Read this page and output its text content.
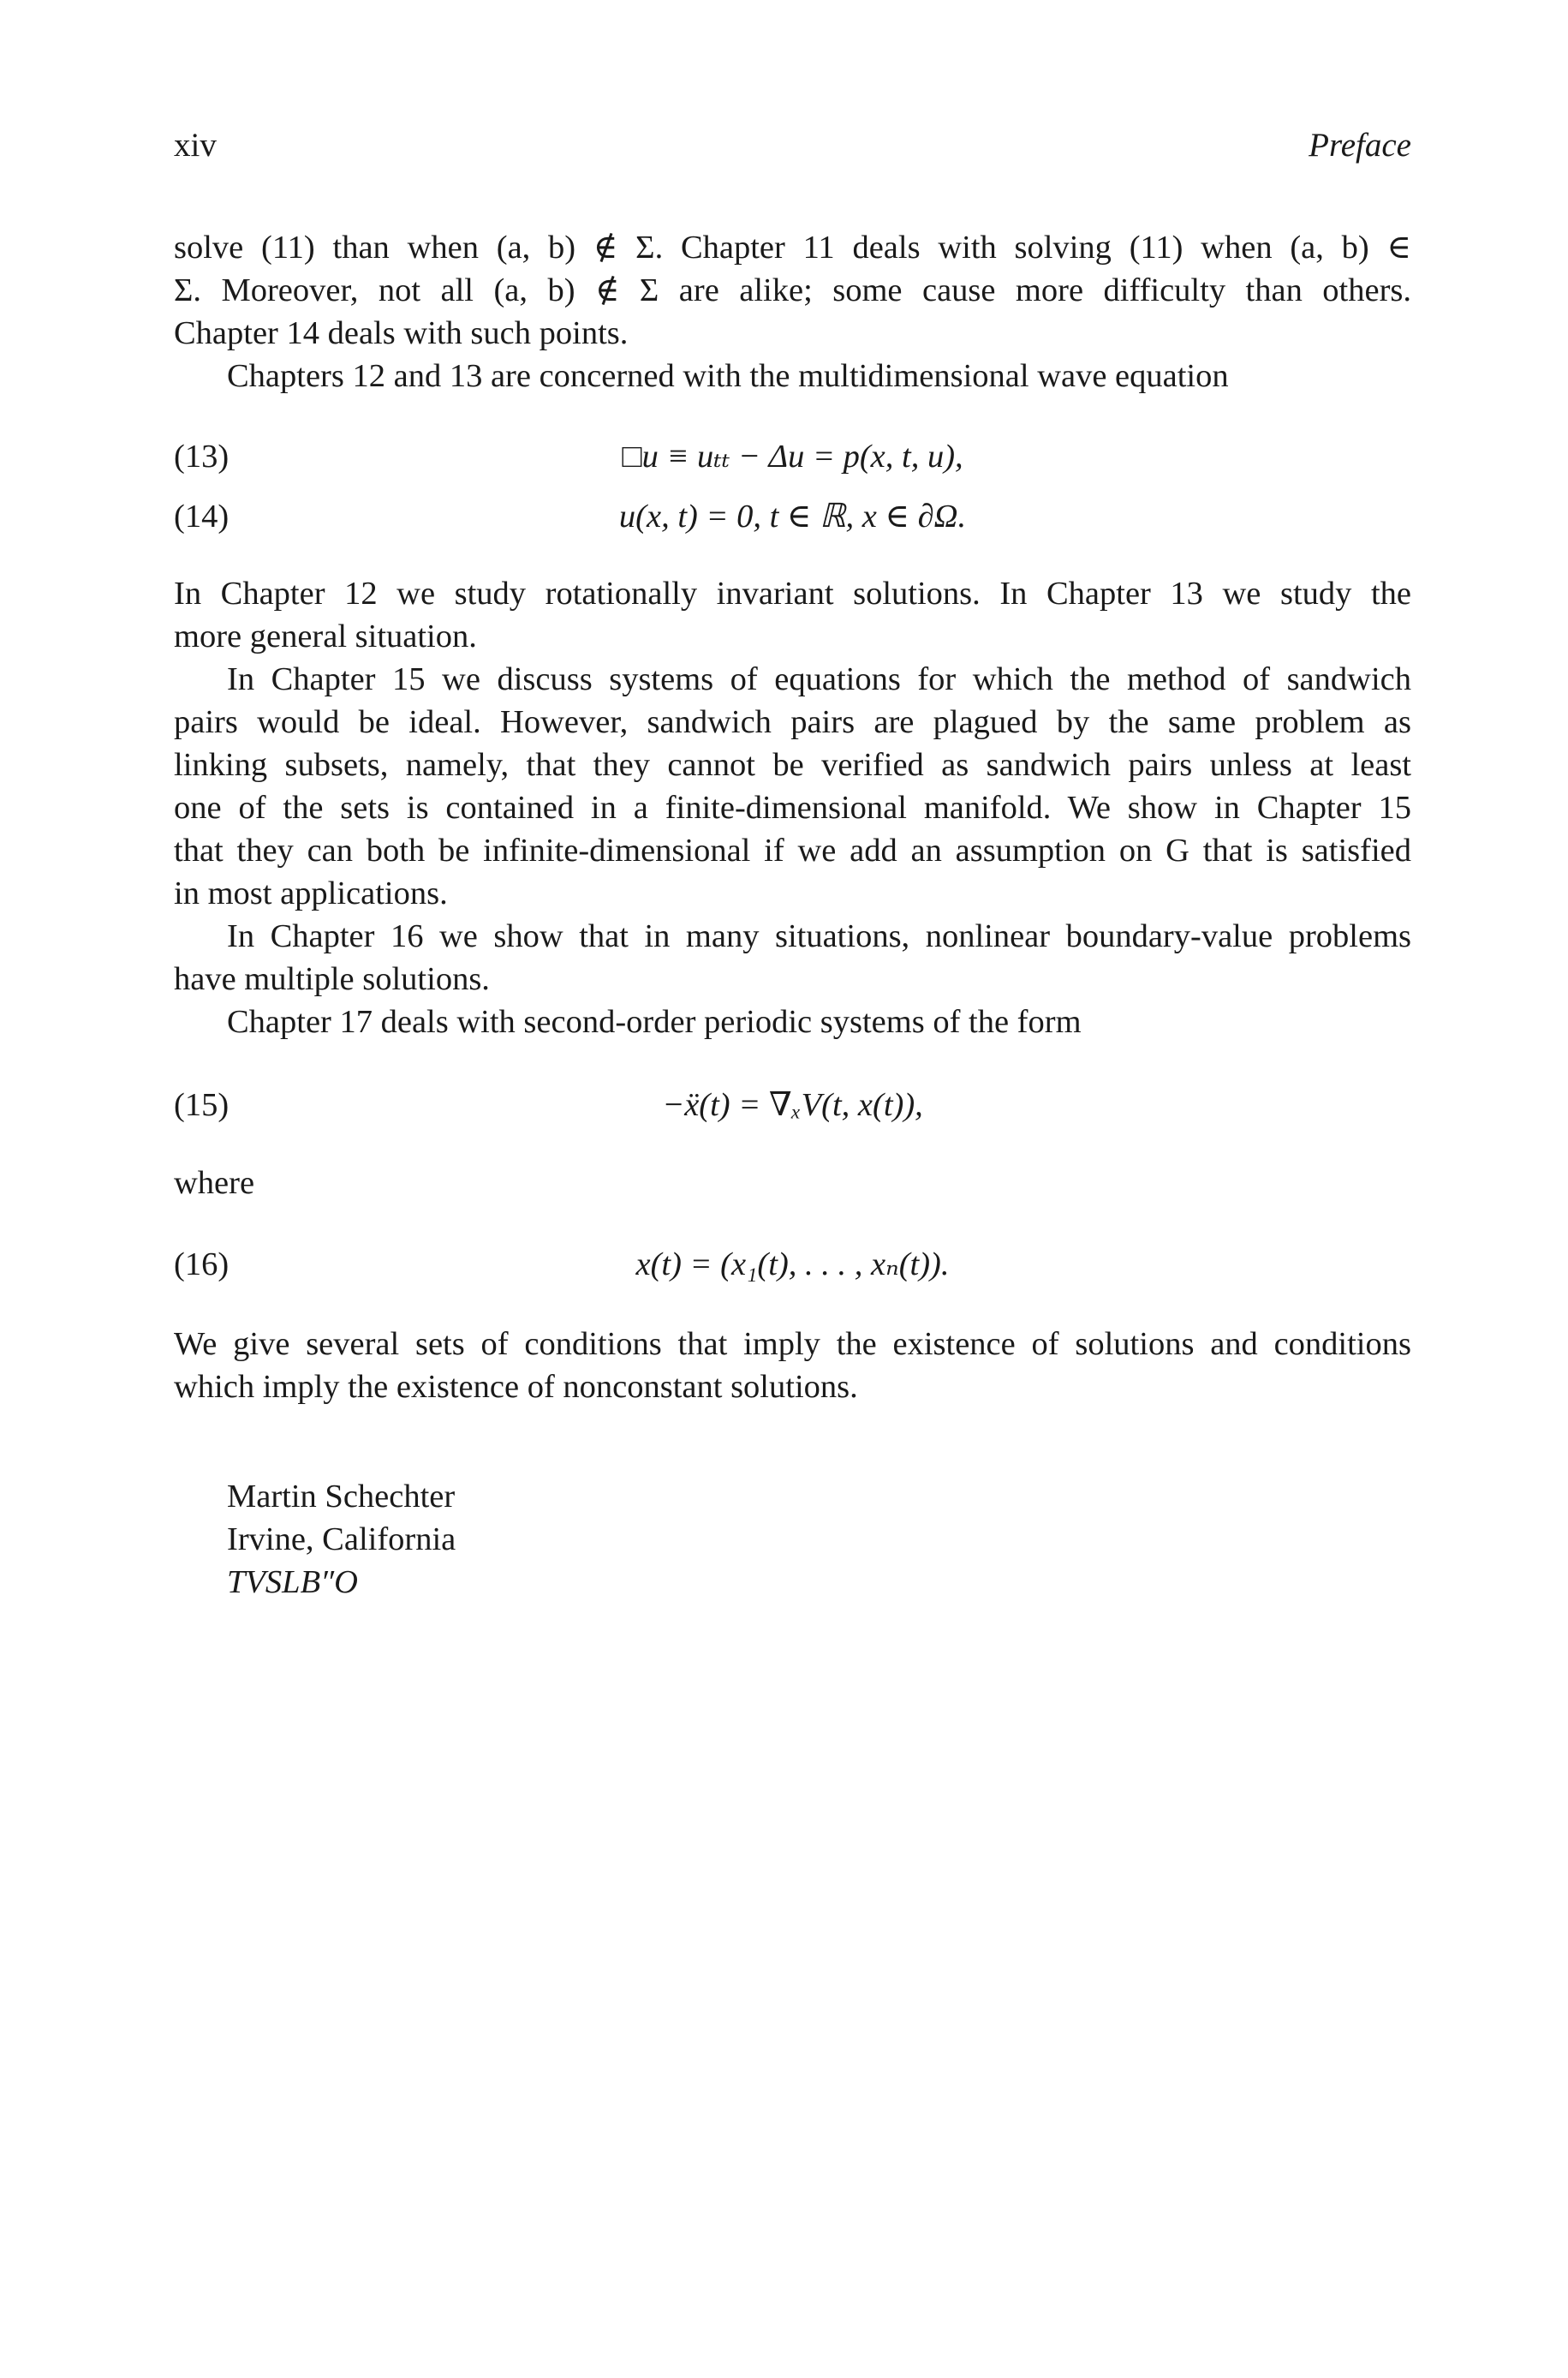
xiv	Preface
solve (11) than when (a, b) ∉ Σ. Chapter 11 deals with solving (11) when (a, b) ∈
Σ. Moreover, not all (a, b) ∉ Σ are alike; some cause more difficulty than others.
Chapter 14 deals with such points.
Chapters 12 and 13 are concerned with the multidimensional wave equation
(13)	□u ≡ uₜₜ − Δu = p(x, t, u),
(14)	u(x, t) = 0, t ∈ ℝ, x ∈ ∂Ω.
In Chapter 12 we study rotationally invariant solutions. In Chapter 13 we study the
more general situation.
In Chapter 15 we discuss systems of equations for which the method of sandwich
pairs would be ideal. However, sandwich pairs are plagued by the same problem as
linking subsets, namely, that they cannot be verified as sandwich pairs unless at least
one of the sets is contained in a finite-dimensional manifold. We show in Chapter 15
that they can both be infinite-dimensional if we add an assumption on G that is satisfied
in most applications.
In Chapter 16 we show that in many situations, nonlinear boundary-value problems
have multiple solutions.
Chapter 17 deals with second-order periodic systems of the form
(15)	−ẍ(t) = ∇ₓV(t, x(t)),
where
(16)	x(t) = (x₁(t), . . . , xₙ(t)).
We give several sets of conditions that imply the existence of solutions and conditions
which imply the existence of nonconstant solutions.
Martin Schechter
Irvine, California
TVSLB″O
